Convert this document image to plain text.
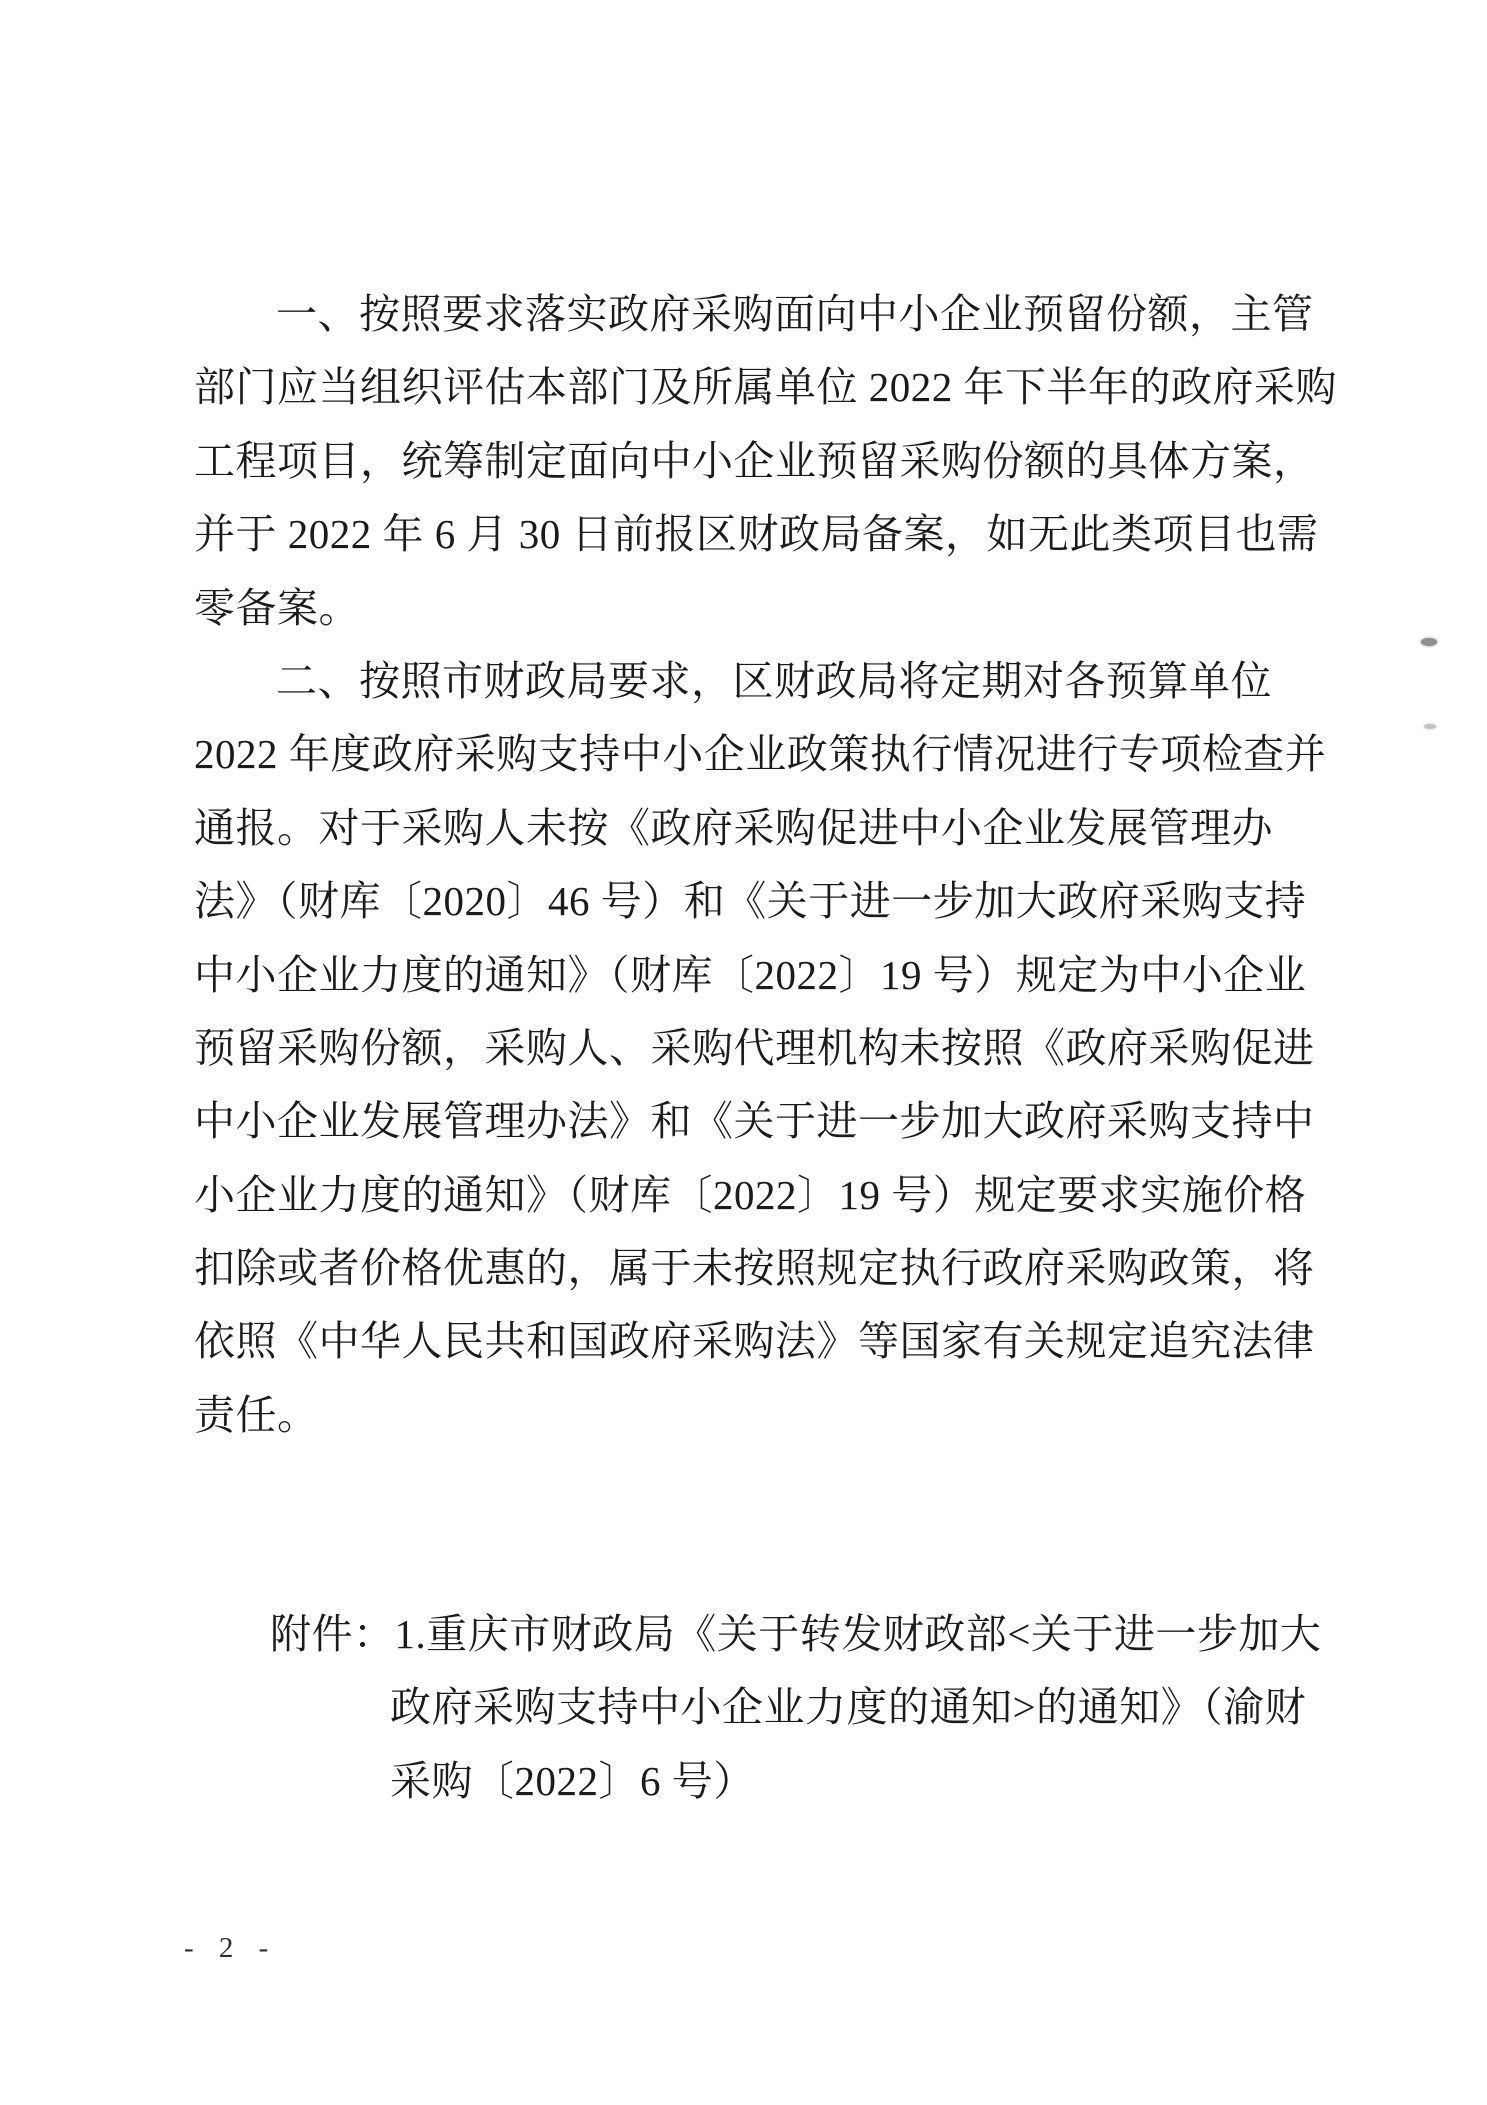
一、按照要求落实政府采购面向中小企业预留份额，主管
部门应当组织评估本部门及所属单位 2022 年下半年的政府采购
工程项目，统筹制定面向中小企业预留采购份额的具体方案，
并于 2022 年 6 月 30 日前报区财政局备案，如无此类项目也需
零备案。
二、按照市财政局要求，区财政局将定期对各预算单位
2022 年度政府采购支持中小企业政策执行情况进行专项检查并
通报。对于采购人未按《政府采购促进中小企业发展管理办
法》（财库〔2020〕46 号）和《关于进一步加大政府采购支持
中小企业力度的通知》（财库〔2022〕19 号）规定为中小企业
预留采购份额，采购人、采购代理机构未按照《政府采购促进
中小企业发展管理办法》和《关于进一步加大政府采购支持中
小企业力度的通知》（财库〔2022〕19 号）规定要求实施价格
扣除或者价格优惠的，属于未按照规定执行政府采购政策，将
依照《中华人民共和国政府采购法》等国家有关规定追究法律
责任。
附件：1.重庆市财政局《关于转发财政部<关于进一步加大
政府采购支持中小企业力度的通知>的通知》（渝财
采购〔2022〕6 号）
- 2 -
